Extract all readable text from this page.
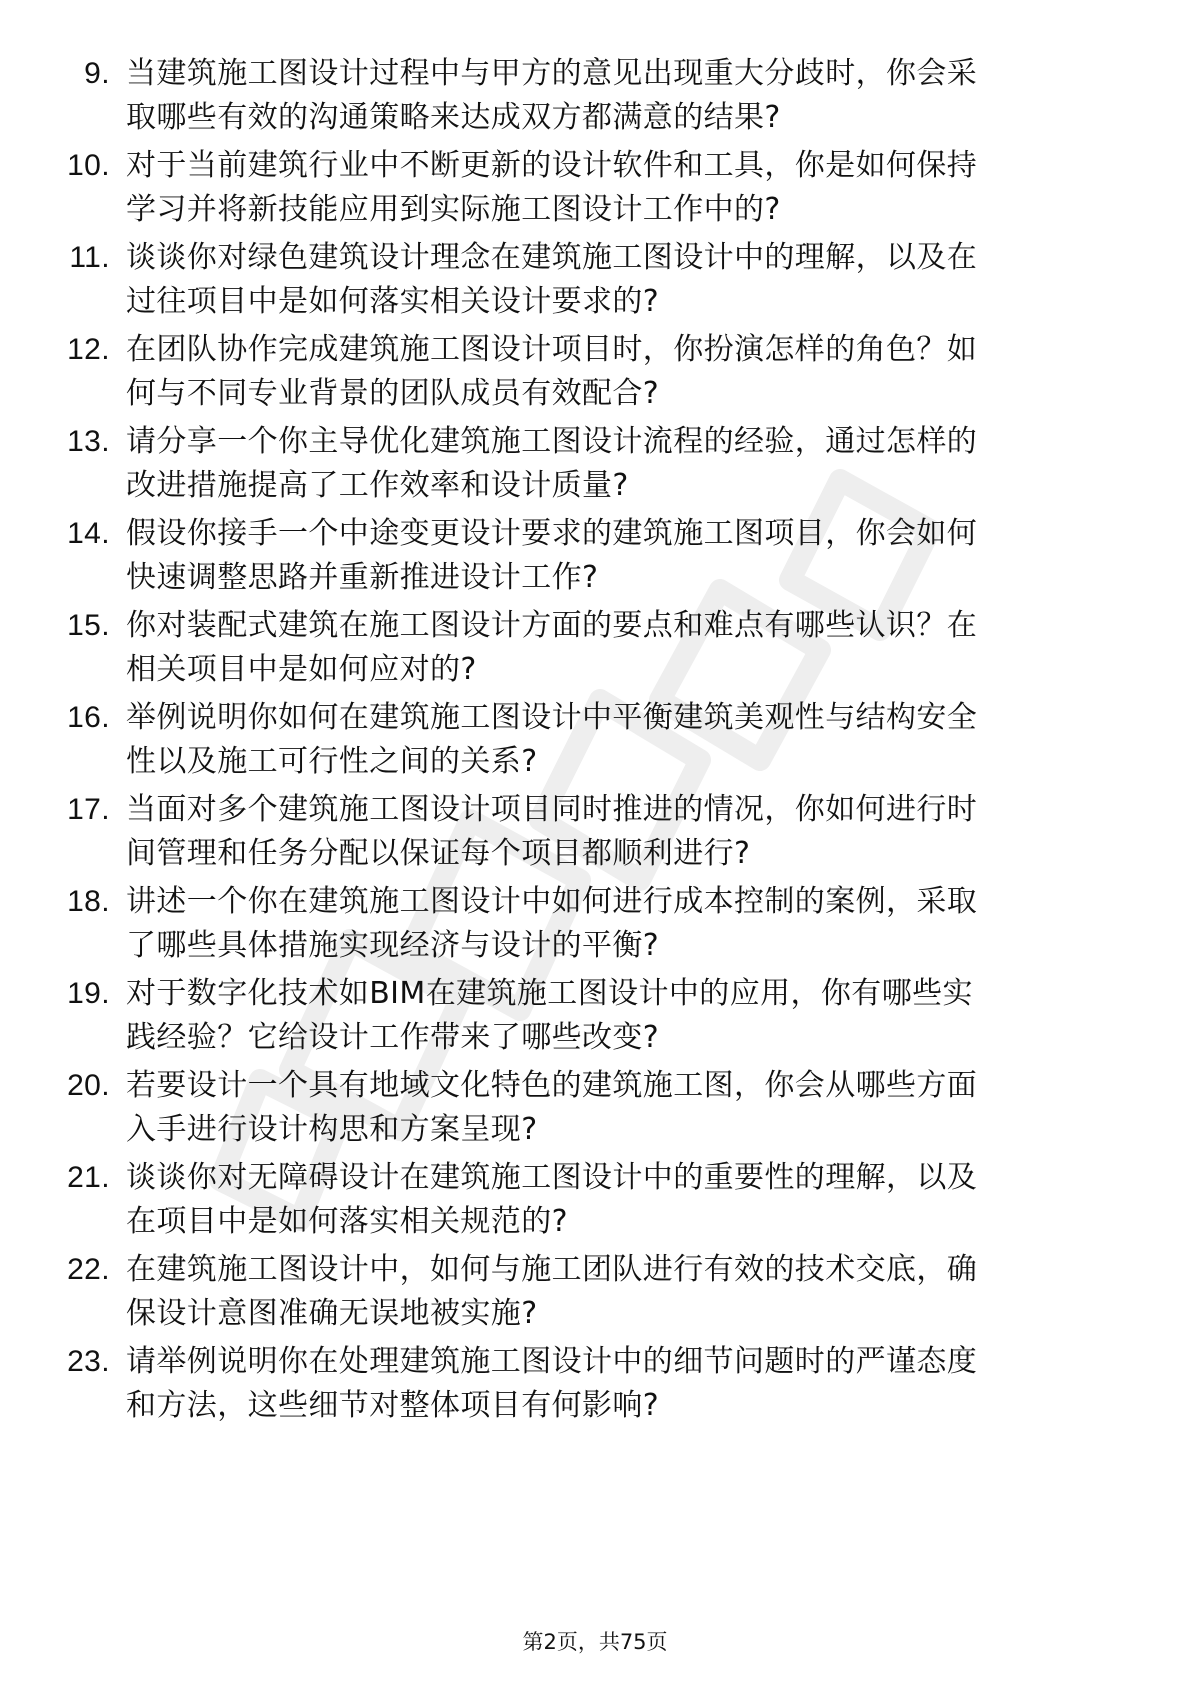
9. 当建筑施工图设计过程中与甲方的意见出现重大分歧时，你会采
取哪些有效的沟通策略来达成双方都满意的结果?
10. 对于当前建筑行业中不断更新的设计软件和工具，你是如何保持
学习并将新技能应用到实际施工图设计工作中的?
11. 谈谈你对绿色建筑设计理念在建筑施工图设计中的理解，以及在
过往项目中是如何落实相关设计要求的?
12. 在团队协作完成建筑施工图设计项目时，你扮演怎样的角色？如
何与不同专业背景的团队成员有效配合?
13. 请分享一个你主导优化建筑施工图设计流程的经验，通过怎样的
改进措施提高了工作效率和设计质量?
14. 假设你接手一个中途变更设计要求的建筑施工图项目，你会如何
快速调整思路并重新推进设计工作?
15. 你对装配式建筑在施工图设计方面的要点和难点有哪些认识？在
相关项目中是如何应对的?
16. 举例说明你如何在建筑施工图设计中平衡建筑美观性与结构安全
性以及施工可行性之间的关系?
17. 当面对多个建筑施工图设计项目同时推进的情况，你如何进行时
间管理和任务分配以保证每个项目都顺利进行?
18. 讲述一个你在建筑施工图设计中如何进行成本控制的案例，采取
了哪些具体措施实现经济与设计的平衡?
19. 对于数字化技术如BIM在建筑施工图设计中的应用，你有哪些实
践经验？它给设计工作带来了哪些改变?
20. 若要设计一个具有地域文化特色的建筑施工图，你会从哪些方面
入手进行设计构思和方案呈现?
21. 谈谈你对无障碍设计在建筑施工图设计中的重要性的理解，以及
在项目中是如何落实相关规范的?
22. 在建筑施工图设计中，如何与施工团队进行有效的技术交底，确
保设计意图准确无误地被实施?
23. 请举例说明你在处理建筑施工图设计中的细节问题时的严谨态度
和方法，这些细节对整体项目有何影响?
第2页，共75页
